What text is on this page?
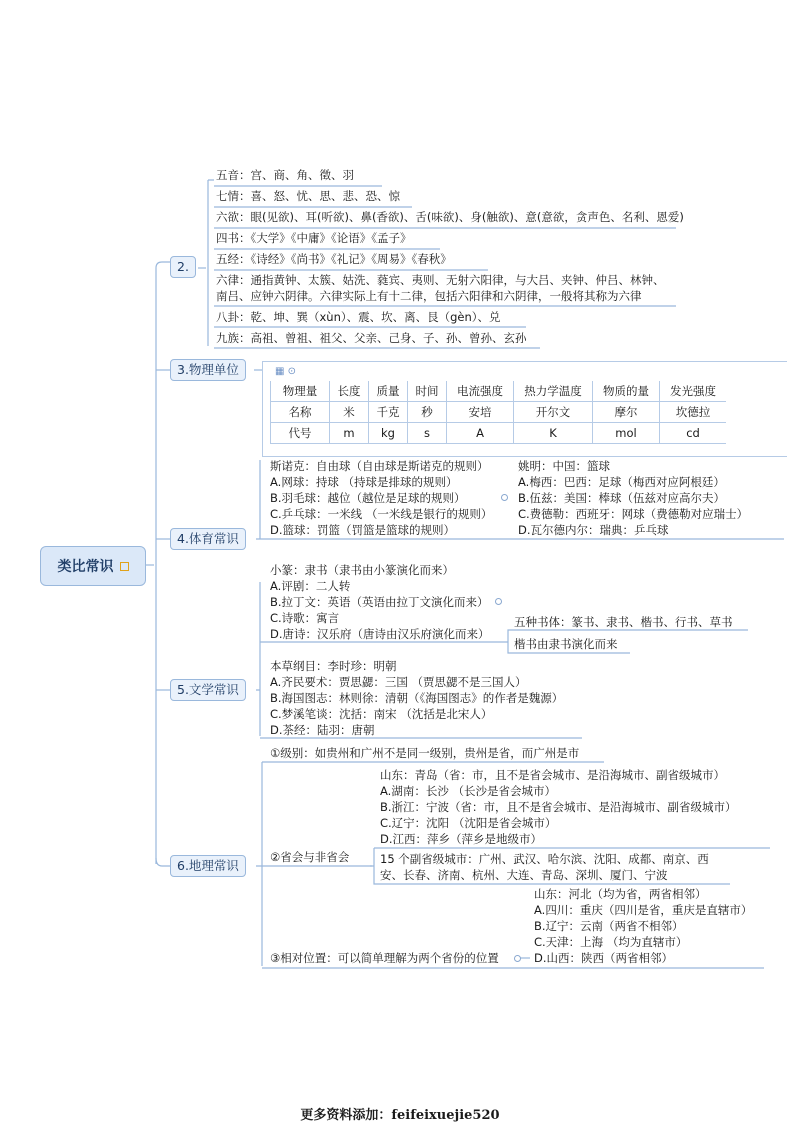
类比常识
2.
五音：宫、商、角、徵、羽
七情：喜、怒、忧、思、悲、恐、惊
六欲：眼(见欲)、耳(听欲)、鼻(香欲)、舌(味欲)、身(触欲)、意(意欲，贪声色、名利、恩爱)
四书：《大学》《中庸》《论语》《孟子》
五经：《诗经》《尚书》《礼记》《周易》《春秋》
六律：通指黄钟、太簇、姑洗、蕤宾、夷则、无射六阳律，与大吕、夹钟、仲吕、林钟、
南吕、应钟六阴律。六律实际上有十二律，包括六阳律和六阴律，一般将其称为六律
八卦：乾、坤、巽（xùn）、震、坎、离、艮（gèn）、兑
九族：高祖、曾祖、祖父、父亲、己身、子、孙、曾孙、玄孙
3.物理单位	▦ ⊙
物理量	长度	质量	时间	电流强度	热力学温度	物质的量	发光强度
名称	米	千克	秒	安培	开尔文	摩尔	坎德拉
代号	m	kg	s	A	K	mol	cd
4.体育常识
斯诺克：自由球（自由球是斯诺克的规则）
A.网球：持球 （持球是排球的规则）
B.羽毛球：越位（越位是足球的规则）
C.乒乓球：一米线 （一米线是银行的规则）
D.篮球：罚篮（罚篮是篮球的规则）
姚明：中国：篮球
A.梅西：巴西：足球（梅西对应阿根廷）
B.伍兹：美国：棒球（伍兹对应高尔夫）
C.费德勒：西班牙：网球（费德勒对应瑞士）
D.瓦尔德内尔：瑞典：乒乓球
5.文学常识
小篆：隶书（隶书由小篆演化而来）
A.评剧：二人转
B.拉丁文：英语（英语由拉丁文演化而来）
C.诗歌：寓言
D.唐诗：汉乐府（唐诗由汉乐府演化而来）
五种书体：篆书、隶书、楷书、行书、草书
楷书由隶书演化而来
本草纲目：李时珍：明朝
A.齐民要术：贾思勰：三国 （贾思勰不是三国人）
B.海国图志：林则徐：清朝（《海国图志》的作者是魏源）
C.梦溪笔谈：沈括：南宋 （沈括是北宋人）
D.茶经：陆羽：唐朝
6.地理常识
①级别：如贵州和广州不是同一级别，贵州是省，而广州是市
②省会与非省会
山东：青岛（省：市，且不是省会城市、是沿海城市、副省级城市）
A.湖南：长沙 （长沙是省会城市）
B.浙江：宁波（省：市，且不是省会城市、是沿海城市、副省级城市）
C.辽宁：沈阳 （沈阳是省会城市）
D.江西：萍乡（萍乡是地级市）
15 个副省级城市：广州、武汉、哈尔滨、沈阳、成都、南京、西
安、长春、济南、杭州、大连、青岛、深圳、厦门、宁波
③相对位置：可以简单理解为两个省份的位置
山东：河北（均为省，两省相邻）
A.四川：重庆（四川是省，重庆是直辖市）
B.辽宁：云南（两省不相邻）
C.天津：上海 （均为直辖市）
D.山西：陕西（两省相邻）
更多资料添加：feifeixuejie520
